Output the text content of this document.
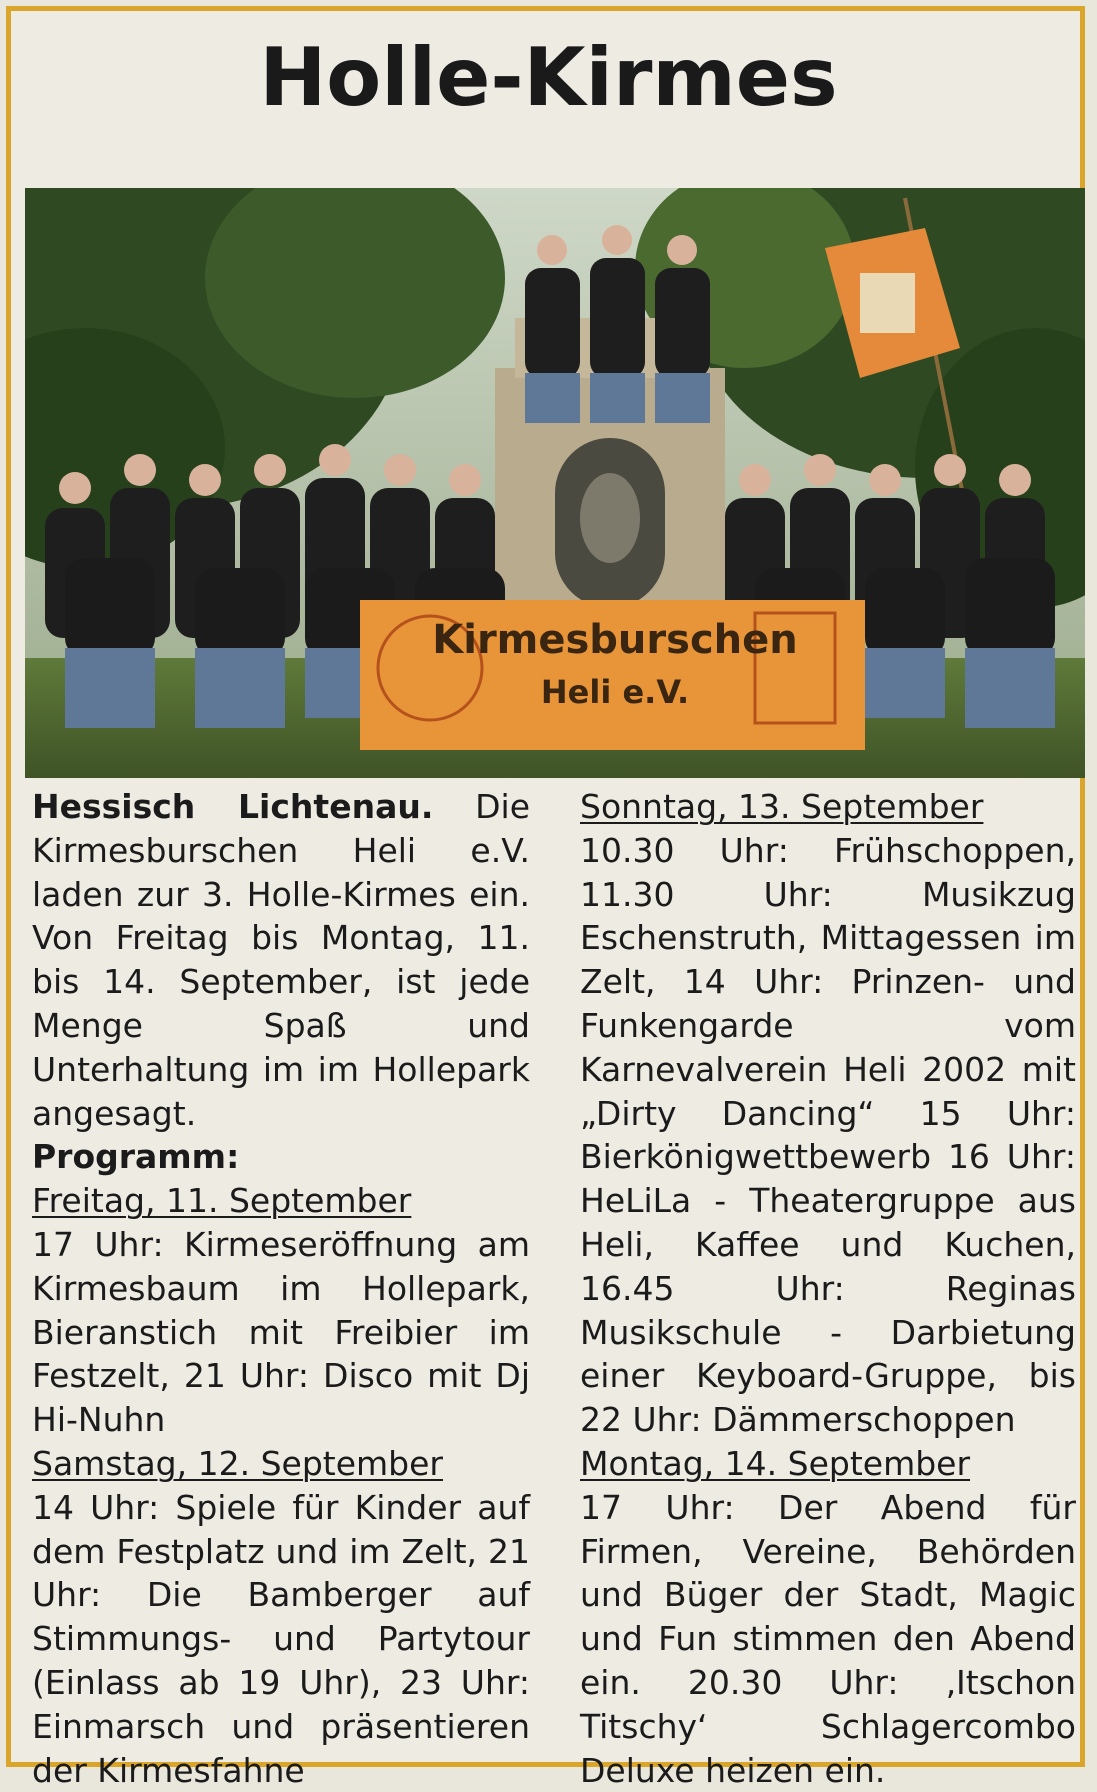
Holle-Kirmes
Kirmesburschen
Heli e.V.

Hessisch Lichtenau. Die Kirmesburschen Heli e.V. laden zur 3. Holle-Kirmes ein. Von Freitag bis Montag, 11. bis 14. September, ist jede Menge Spaß und Unterhaltung im im Hollepark angesagt.

Programm:
Freitag, 11. September

17 Uhr: Kirmeseröffnung am Kirmesbaum im Hollepark, Bieranstich mit Freibier im Festzelt, 21 Uhr: Disco mit Dj Hi-Nuhn

Samstag, 12. September

14 Uhr: Spiele für Kinder auf dem Festplatz und im Zelt, 21 Uhr: Die Bamberger auf Stimmungs- und Partytour (Einlass ab 19 Uhr), 23 Uhr: Einmarsch und präsentieren der Kirmesfahne

Sonntag, 13. September

10.30 Uhr: Frühschoppen, 11.30 Uhr: Musikzug Eschenstruth, Mittagessen im Zelt, 14 Uhr: Prinzen- und Funkengarde vom Karnevalverein Heli 2002 mit „Dirty Dancing“ 15 Uhr: Bierkönigwettbewerb 16 Uhr: HeLiLa - Theatergruppe aus Heli, Kaffee und Kuchen, 16.45 Uhr: Reginas Musikschule - Darbietung einer Keyboard-Gruppe, bis 22 Uhr: Dämmerschoppen

Montag, 14. September

17 Uhr: Der Abend für Firmen, Vereine, Behörden und Büger der Stadt, Magic und Fun stimmen den Abend ein. 20.30 Uhr: ‚Itschon Titschy‘ Schlagercombo Deluxe heizen ein.
